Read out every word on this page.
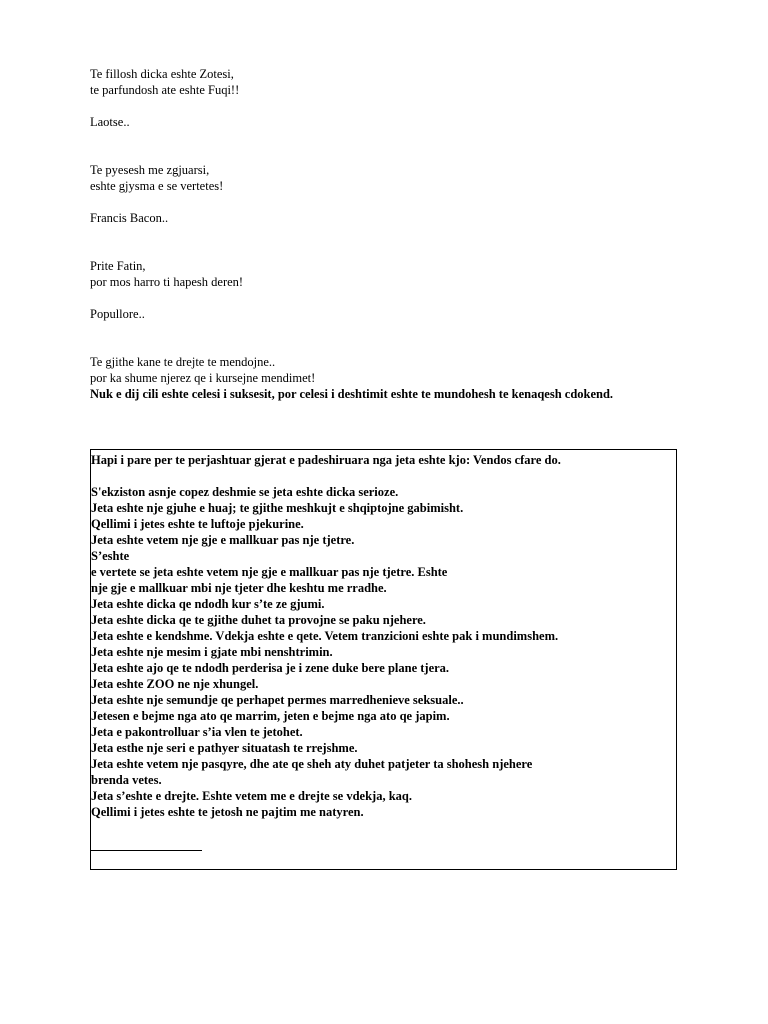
Te fillosh dicka eshte Zotesi,
te parfundosh ate eshte Fuqi!!
Laotse..
Te pyesesh me zgjuarsi,
eshte gjysma e se vertetes!
Francis Bacon..
Prite Fatin,
por mos harro ti hapesh deren!
Popullore..
Te gjithe kane te drejte te mendojne..
por ka shume njerez qe i kursejne mendimet!
Nuk e dij cili eshte celesi i suksesit, por celesi i deshtimit eshte te mundohesh te kenaqesh cdokend.
Hapi i pare per te perjashtuar gjerat e padeshiruara nga jeta eshte kjo: Vendos cfare do.
S'ekziston asnje copez deshmie se jeta eshte dicka serioze.
Jeta eshte nje gjuhe e huaj; te gjithe meshkujt e shqiptojne gabimisht.
Qellimi i jetes eshte te luftoje pjekurine.
Jeta eshte vetem nje gje e mallkuar pas nje tjetre.
S’eshte
e vertete se jeta eshte vetem nje gje e mallkuar pas nje tjetre. Eshte
nje gje e mallkuar mbi nje tjeter dhe keshtu me rradhe.
Jeta eshte dicka qe ndodh kur s’te ze gjumi.
Jeta eshte dicka qe te gjithe duhet ta provojne se paku njehere.
Jeta eshte e kendshme. Vdekja eshte e qete. Vetem tranzicioni eshte pak i mundimshem.
Jeta eshte nje mesim i gjate mbi nenshtrimin.
Jeta eshte ajo qe te ndodh perderisa je i zene duke bere plane tjera.
Jeta eshte ZOO ne nje xhungel.
Jeta eshte nje semundje qe perhapet permes marredhenieve seksuale..
Jetesen e bejme nga ato qe marrim, jeten e bejme nga ato qe japim.
Jeta e pakontrolluar s’ia vlen te jetohet.
Jeta esthe nje seri e pathyer situatash te rrejshme.
Jeta eshte vetem nje pasqyre, dhe ate qe sheh aty duhet patjeter ta shohesh njehere
brenda vetes.
Jeta s’eshte e drejte. Eshte vetem me e drejte se vdekja, kaq.
Qellimi i jetes eshte te jetosh ne pajtim me natyren.
